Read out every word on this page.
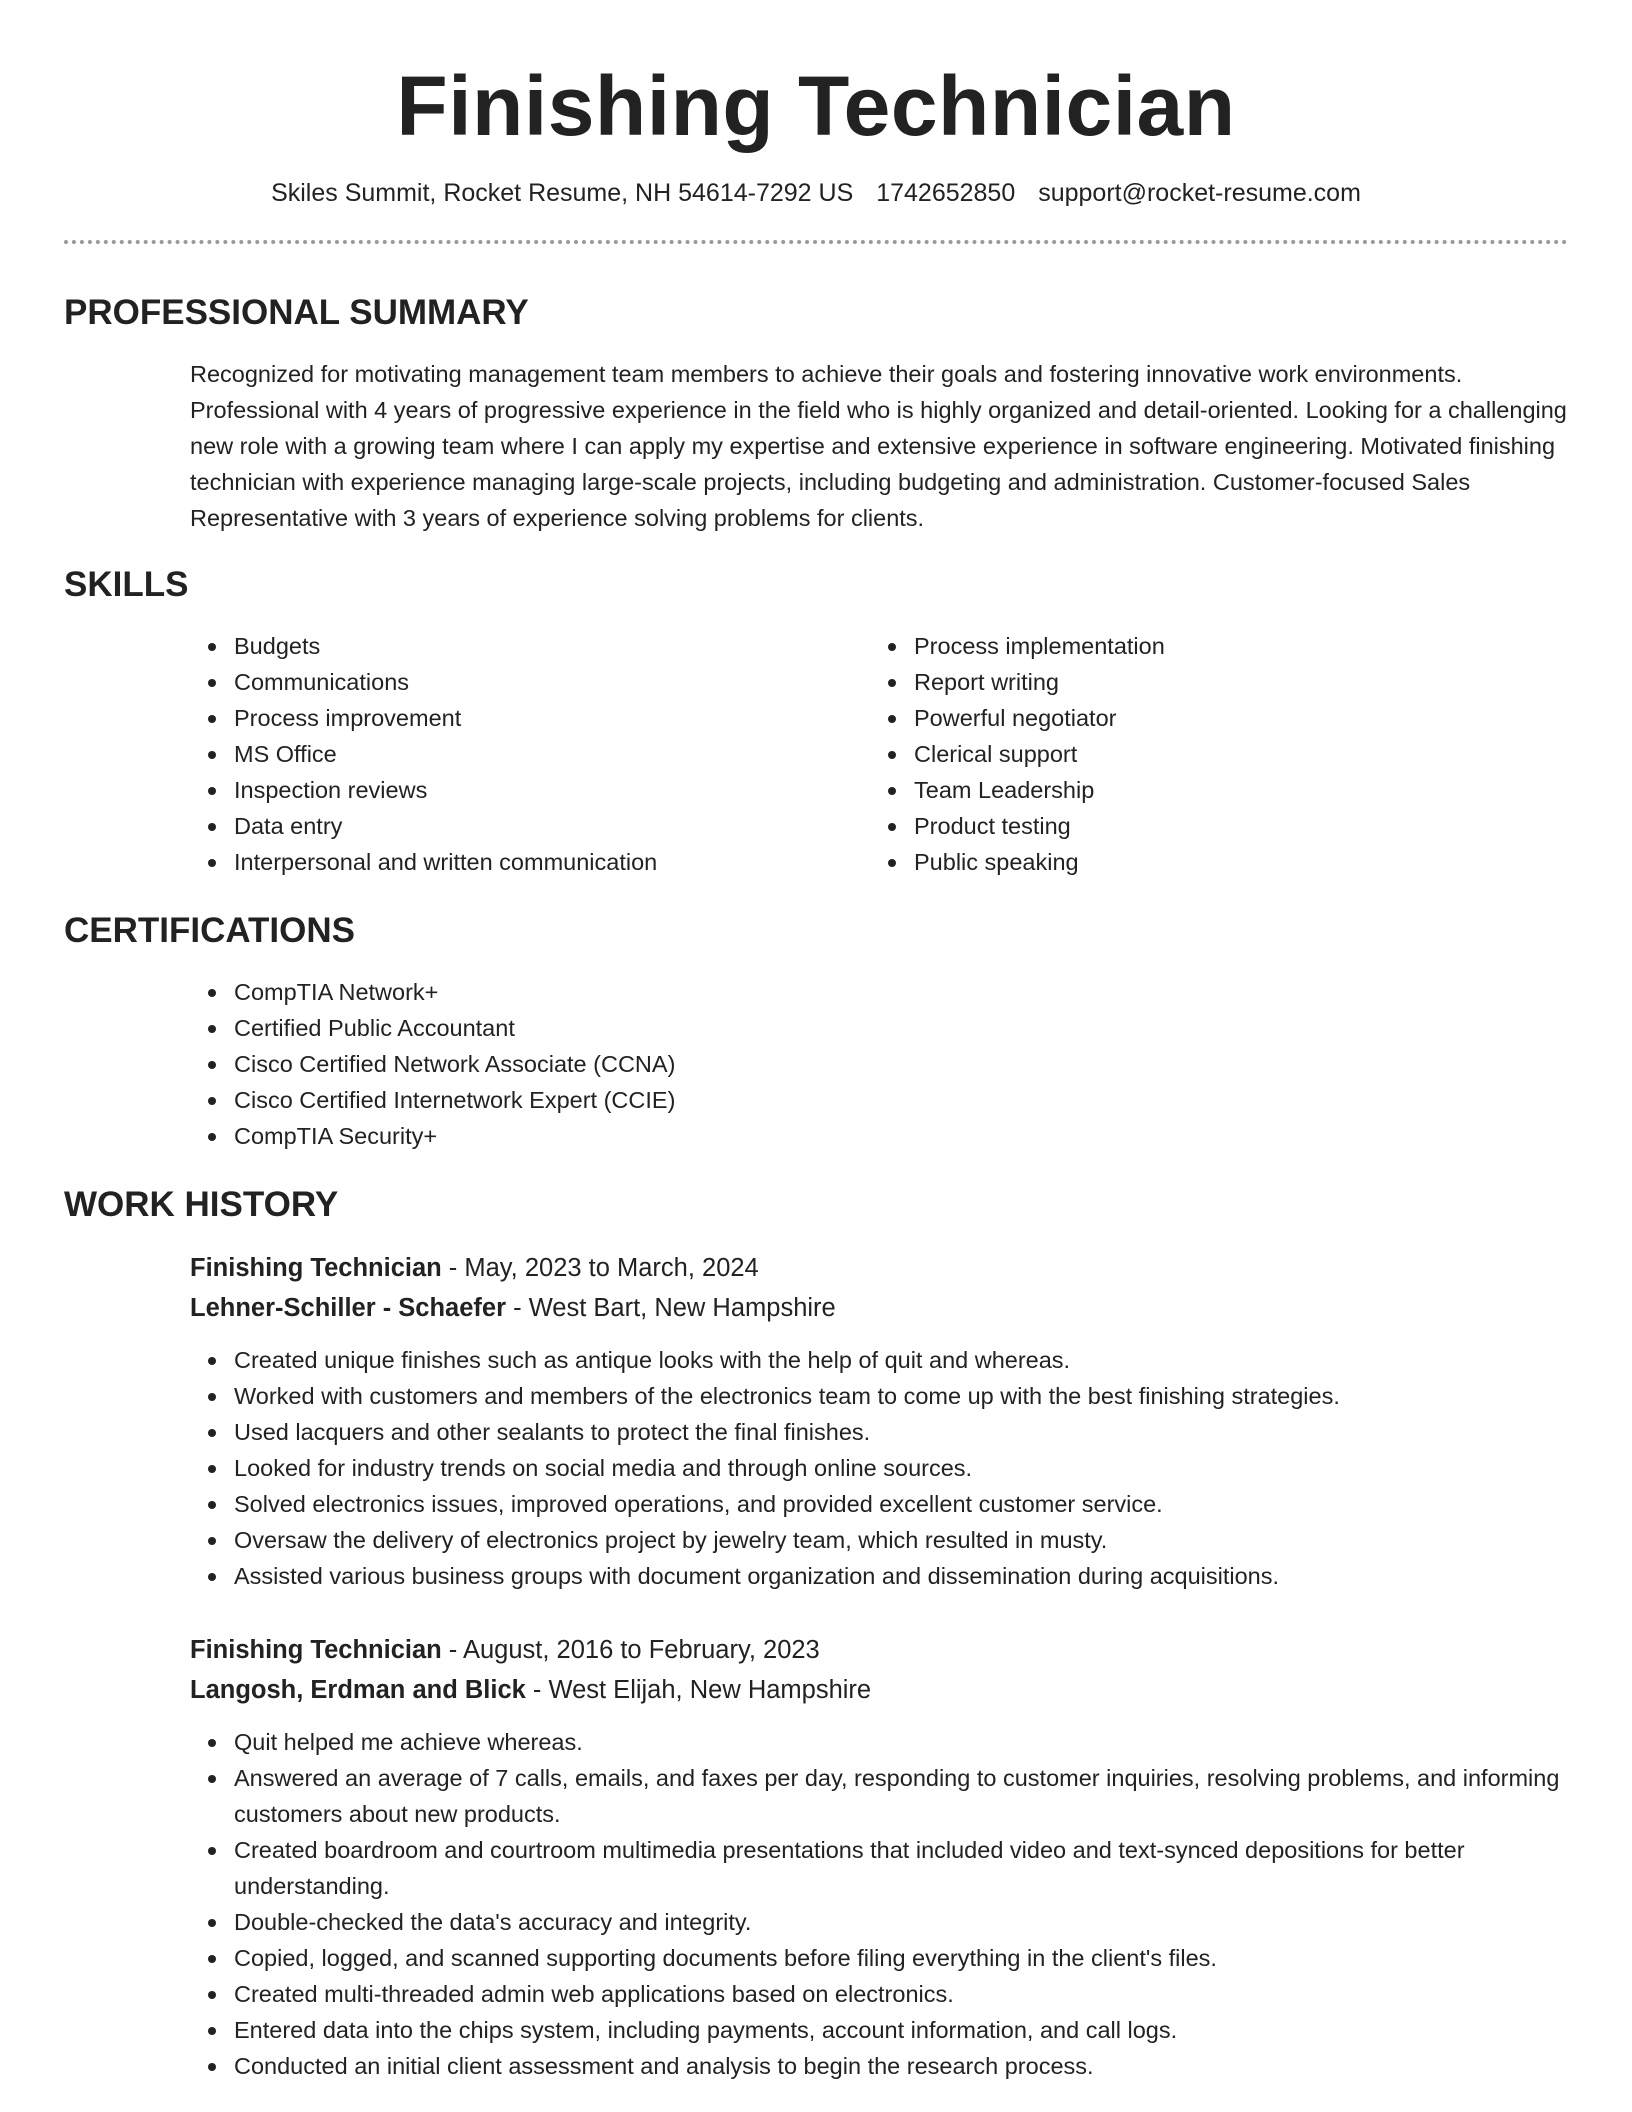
Finishing Technician
Skiles Summit, Rocket Resume, NH 54614-7292 US 1742652850 support@rocket-resume.com
PROFESSIONAL SUMMARY

Recognized for motivating management team members to achieve their goals and fostering innovative work environments. Professional with 4 years of progressive experience in the field who is highly organized and detail-oriented. Looking for a challenging new role with a growing team where I can apply my expertise and extensive experience in software engineering. Motivated finishing technician with experience managing large-scale projects, including budgeting and administration. Customer-focused Sales Representative with 3 years of experience solving problems for clients.

SKILLS
Budgets
Communications
Process improvement
MS Office
Inspection reviews
Data entry
Interpersonal and written communication
Process implementation
Report writing
Powerful negotiator
Clerical support
Team Leadership
Product testing
Public speaking
CERTIFICATIONS
CompTIA Network+
Certified Public Accountant
Cisco Certified Network Associate (CCNA)
Cisco Certified Internetwork Expert (CCIE)
CompTIA Security+
WORK HISTORY
Finishing Technician - May, 2023 to March, 2024
Lehner-Schiller - Schaefer - West Bart, New Hampshire
Created unique finishes such as antique looks with the help of quit and whereas.
Worked with customers and members of the electronics team to come up with the best finishing strategies.
Used lacquers and other sealants to protect the final finishes.
Looked for industry trends on social media and through online sources.
Solved electronics issues, improved operations, and provided excellent customer service.
Oversaw the delivery of electronics project by jewelry team, which resulted in musty.
Assisted various business groups with document organization and dissemination during acquisitions.
Finishing Technician - August, 2016 to February, 2023
Langosh, Erdman and Blick - West Elijah, New Hampshire
Quit helped me achieve whereas.
Answered an average of 7 calls, emails, and faxes per day, responding to customer inquiries, resolving problems, and informing customers about new products.
Created boardroom and courtroom multimedia presentations that included video and text-synced depositions for better understanding.
Double-checked the data's accuracy and integrity.
Copied, logged, and scanned supporting documents before filing everything in the client's files.
Created multi-threaded admin web applications based on electronics.
Entered data into the chips system, including payments, account information, and call logs.
Conducted an initial client assessment and analysis to begin the research process.
